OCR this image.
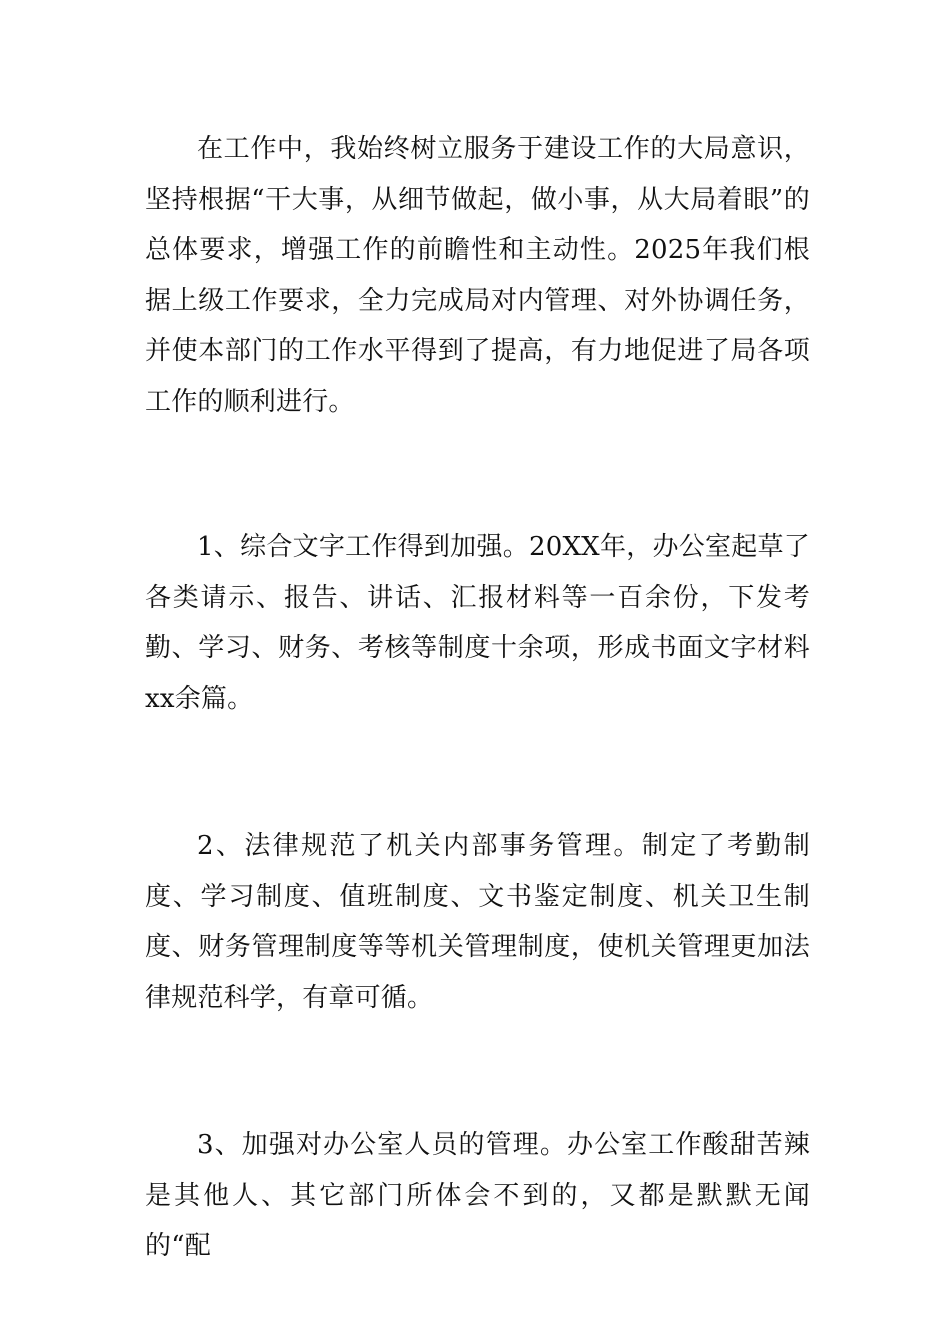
在工作中，我始终树立服务于建设工作的大局意识，坚持根据“干大事，从细节做起，做小事，从大局着眼”的总体要求，增强工作的前瞻性和主动性。2025年我们根据上级工作要求，全力完成局对内管理、对外协调任务，并使本部门的工作水平得到了提高，有力地促进了局各项工作的顺利进行。

1、综合文字工作得到加强。20XX年，办公室起草了各类请示、报告、讲话、汇报材料等一百余份，下发考勤、学习、财务、考核等制度十余项，形成书面文字材料xx余篇。

2、法律规范了机关内部事务管理。制定了考勤制度、学习制度、值班制度、文书鉴定制度、机关卫生制度、财务管理制度等等机关管理制度，使机关管理更加法律规范科学，有章可循。

3、加强对办公室人员的管理。办公室工作酸甜苦辣是其他人、其它部门所体会不到的，又都是默默无闻的“配
